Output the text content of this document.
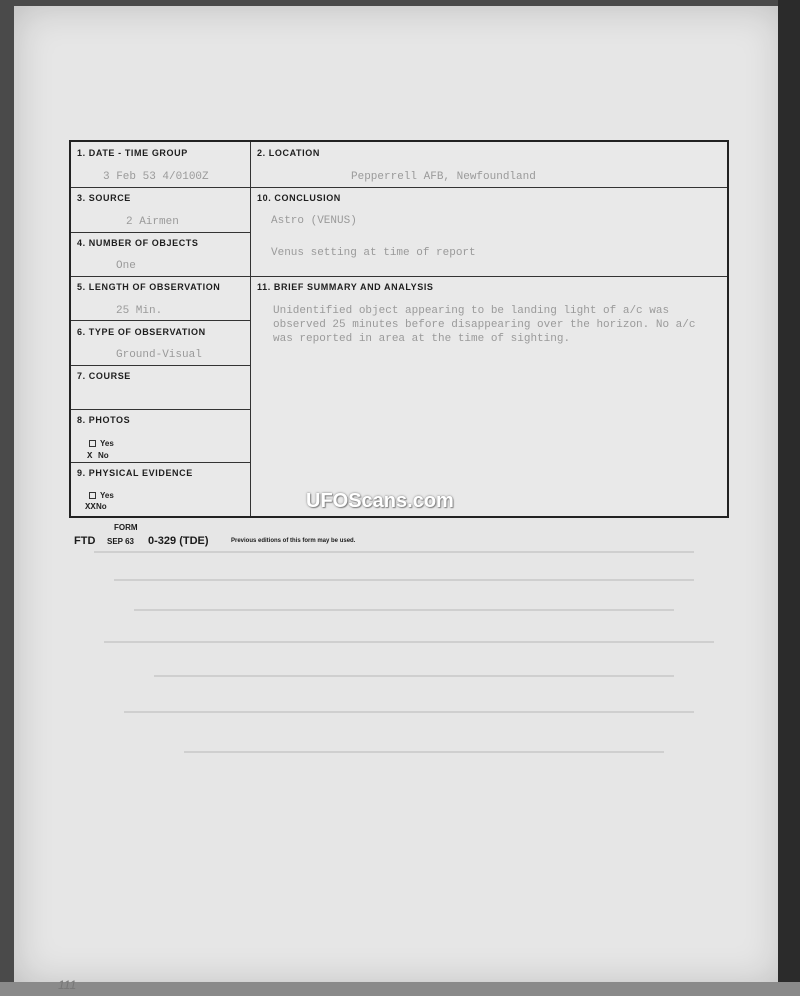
1. DATE - TIME GROUP
3 Feb 53 4/0100Z
2. LOCATION
Pepperrell AFB, Newfoundland
3. SOURCE
2 Airmen
10. CONCLUSION
Astro (VENUS)
Venus setting at time of report
4. NUMBER OF OBJECTS
One
5. LENGTH OF OBSERVATION
25 Min.
11. BRIEF SUMMARY AND ANALYSIS
Unidentified object appearing to be landing light of a/c was observed 25 minutes before disappearing over the horizon. No a/c was reported in area at the time of sighting.
6. TYPE OF OBSERVATION
Ground-Visual
7. COURSE
8. PHOTOS
Yes
X No
9. PHYSICAL EVIDENCE
Yes
XXNo
FORM
FTD SEP 63 0-329 (TDE)	Previous editions of this form may be used.
UFOScans.com
111
